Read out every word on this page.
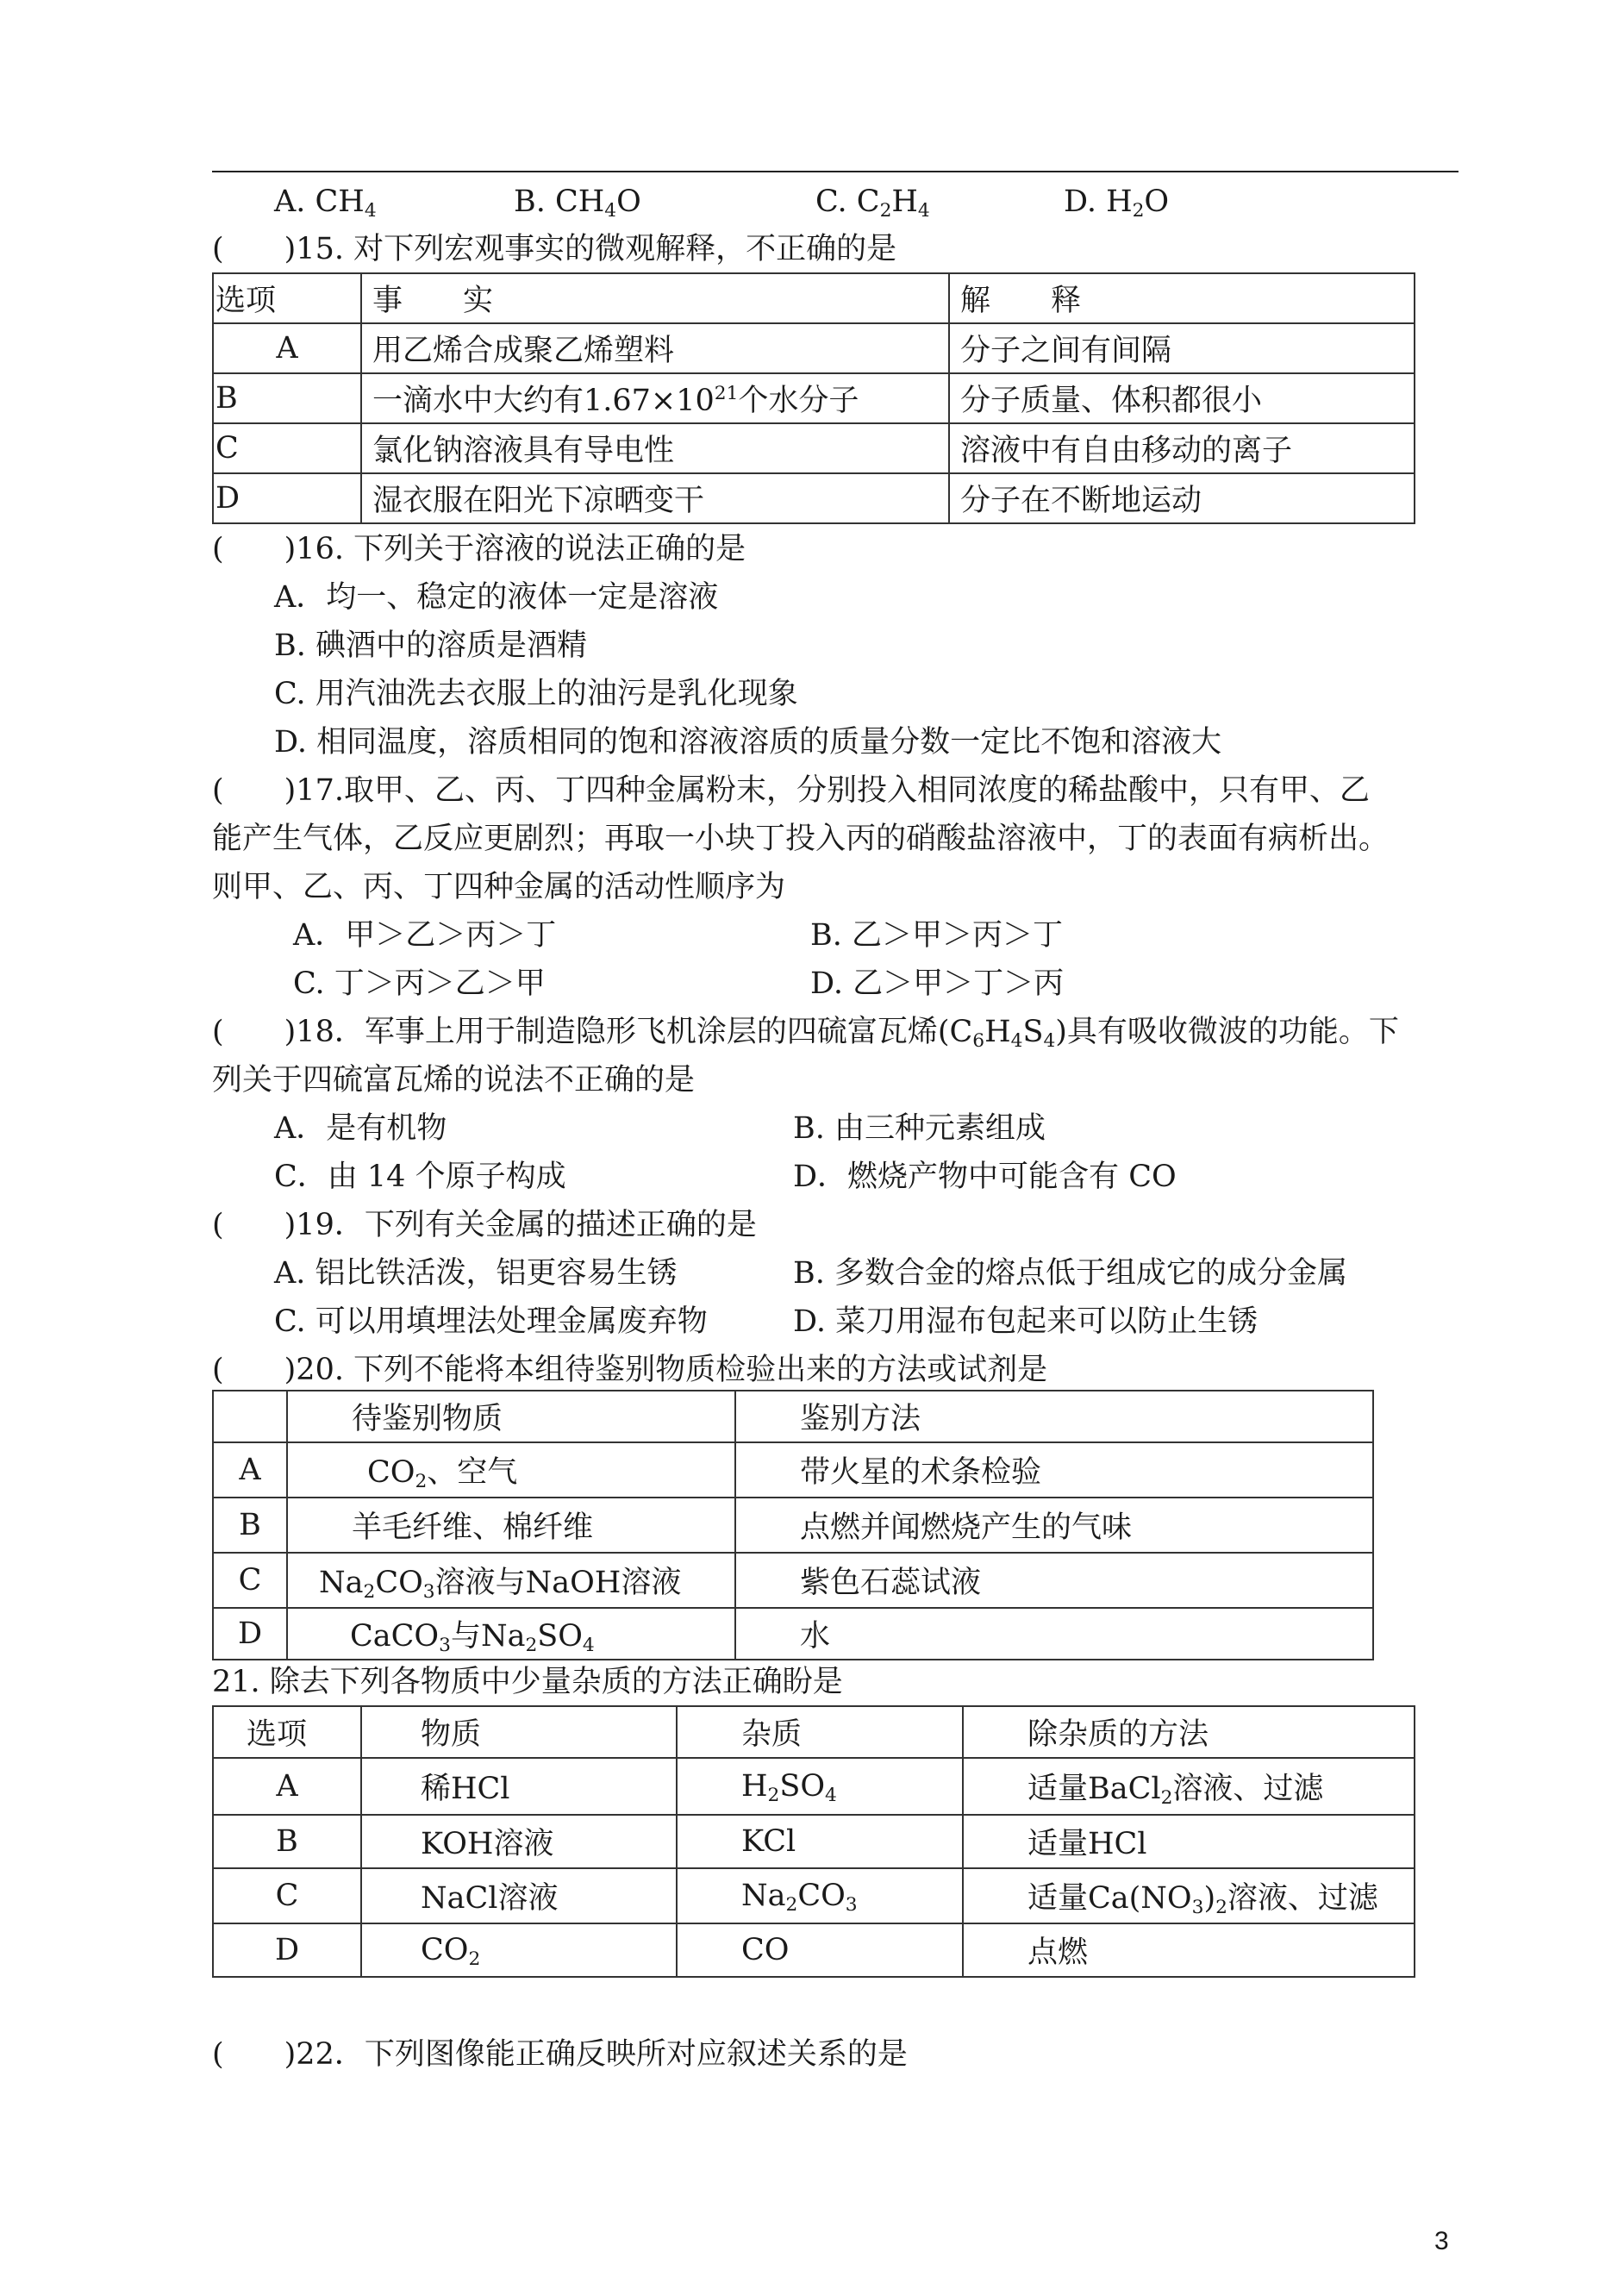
A. $CH_4$	B. $CH_4O$	C. $C_2H_4$	D. $H_2O$
(　　)15. 对下列宏观事实的微观解释，不正确的是
选项	事　　实	解　　释
A	用乙烯合成聚乙烯塑料	分子之间有间隔
B	一滴水中大约有$1.67\times 10^{21}$个水分子	分子质量、体积都很小
C	氯化钠溶液具有导电性	溶液中有自由移动的离子
D	湿衣服在阳光下凉晒变干	分子在不断地运动
(　　)16. 下列关于溶液的说法正确的是
A．均一、稳定的液体一定是溶液
B. 碘酒中的溶质是酒精
C. 用汽油洗去衣服上的油污是乳化现象
D. 相同温度，溶质相同的饱和溶液溶质的质量分数一定比不饱和溶液大
(　　)17.取甲、乙、丙、丁四种金属粉末，分别投入相同浓度的稀盐酸中，只有甲、乙
能产生气体，乙反应更剧烈；再取一小块丁投入丙的硝酸盐溶液中，丁的表面有病析出。
则甲、乙、丙、丁四种金属的活动性顺序为
A．甲＞乙＞丙＞丁	B. 乙＞甲＞丙＞丁
C. 丁＞丙＞乙＞甲	D. 乙＞甲＞丁＞丙
(　　)18．军事上用于制造隐形飞机涂层的四硫富瓦烯$(C_6H_4S_4)$具有吸收微波的功能。下
列关于四硫富瓦烯的说法不正确的是
A．是有机物	B. 由三种元素组成
C．由 14 个原子构成	D．燃烧产物中可能含有 CO
(　　)19．下列有关金属的描述正确的是
A. 铝比铁活泼，铝更容易生锈	B. 多数合金的熔点低于组成它的成分金属
C. 可以用填埋法处理金属废弃物	D. 菜刀用湿布包起来可以防止生锈
(　　)20. 下列不能将本组待鉴别物质检验出来的方法或试剂是
	待鉴别物质	鉴别方法
A	$CO_2$、空气	带火星的术条检验
B	羊毛纤维、棉纤维	点燃并闻燃烧产生的气味
C	$Na_2CO_3$溶液与NaOH溶液	紫色石蕊试液
D	CaCO$_3$与$Na_2SO_4$	水
21. 除去下列各物质中少量杂质的方法正确盼是
选项	物质	杂质	除杂质的方法
A	稀HCl	$H_2SO_4$	适量BaCl$_2$溶液、过滤
B	KOH溶液	KCl	适量HCl
C	NaCl溶液	$Na_2CO_3$	适量$Ca(NO_3)_2$溶液、过滤
D	$CO_2$	CO	点燃
(　　)22．下列图像能正确反映所对应叙述关系的是
3
